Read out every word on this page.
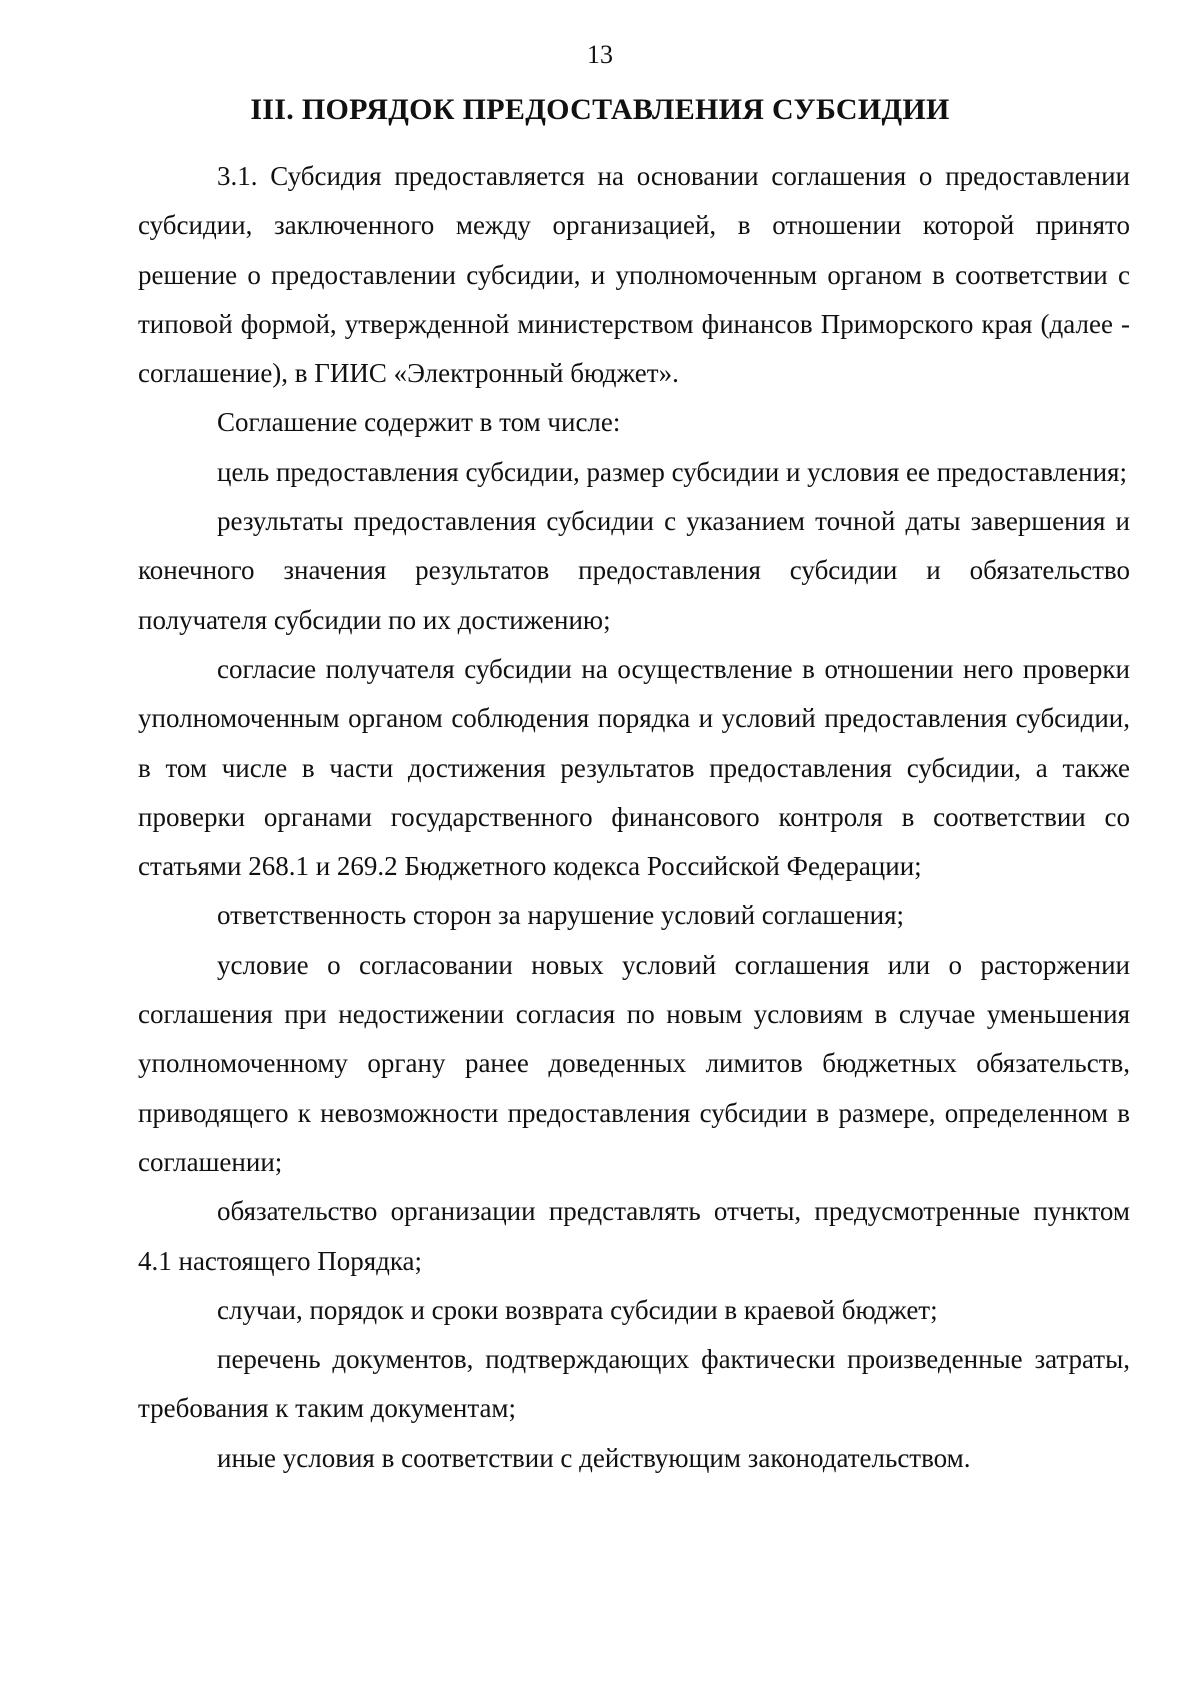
13
III. ПОРЯДОК ПРЕДОСТАВЛЕНИЯ СУБСИДИИ

3.1. Субсидия предоставляется на основании соглашения о предоставлении субсидии, заключенного между организацией, в отношении которой принято решение о предоставлении субсидии, и уполномоченным органом в соответствии с типовой формой, утвержденной министерством финансов Приморского края (далее - соглашение), в ГИИС «Электронный бюджет».

Соглашение содержит в том числе:

цель предоставления субсидии, размер субсидии и условия ее предоставления;

результаты предоставления субсидии с указанием точной даты завершения и конечного значения результатов предоставления субсидии и обязательство получателя субсидии по их достижению;

согласие получателя субсидии на осуществление в отношении него проверки уполномоченным органом соблюдения порядка и условий предоставления субсидии, в том числе в части достижения результатов предоставления субсидии, а также проверки органами государственного финансового контроля в соответствии со статьями 268.1 и 269.2 Бюджетного кодекса Российской Федерации;

ответственность сторон за нарушение условий соглашения;

условие о согласовании новых условий соглашения или о расторжении соглашения при недостижении согласия по новым условиям в случае уменьшения уполномоченному органу ранее доведенных лимитов бюджетных обязательств, приводящего к невозможности предоставления субсидии в размере, определенном в соглашении;

обязательство организации представлять отчеты, предусмотренные пунктом 4.1 настоящего Порядка;

случаи, порядок и сроки возврата субсидии в краевой бюджет;

перечень документов, подтверждающих фактически произведенные затраты, требования к таким документам;

иные условия в соответствии с действующим законодательством.
